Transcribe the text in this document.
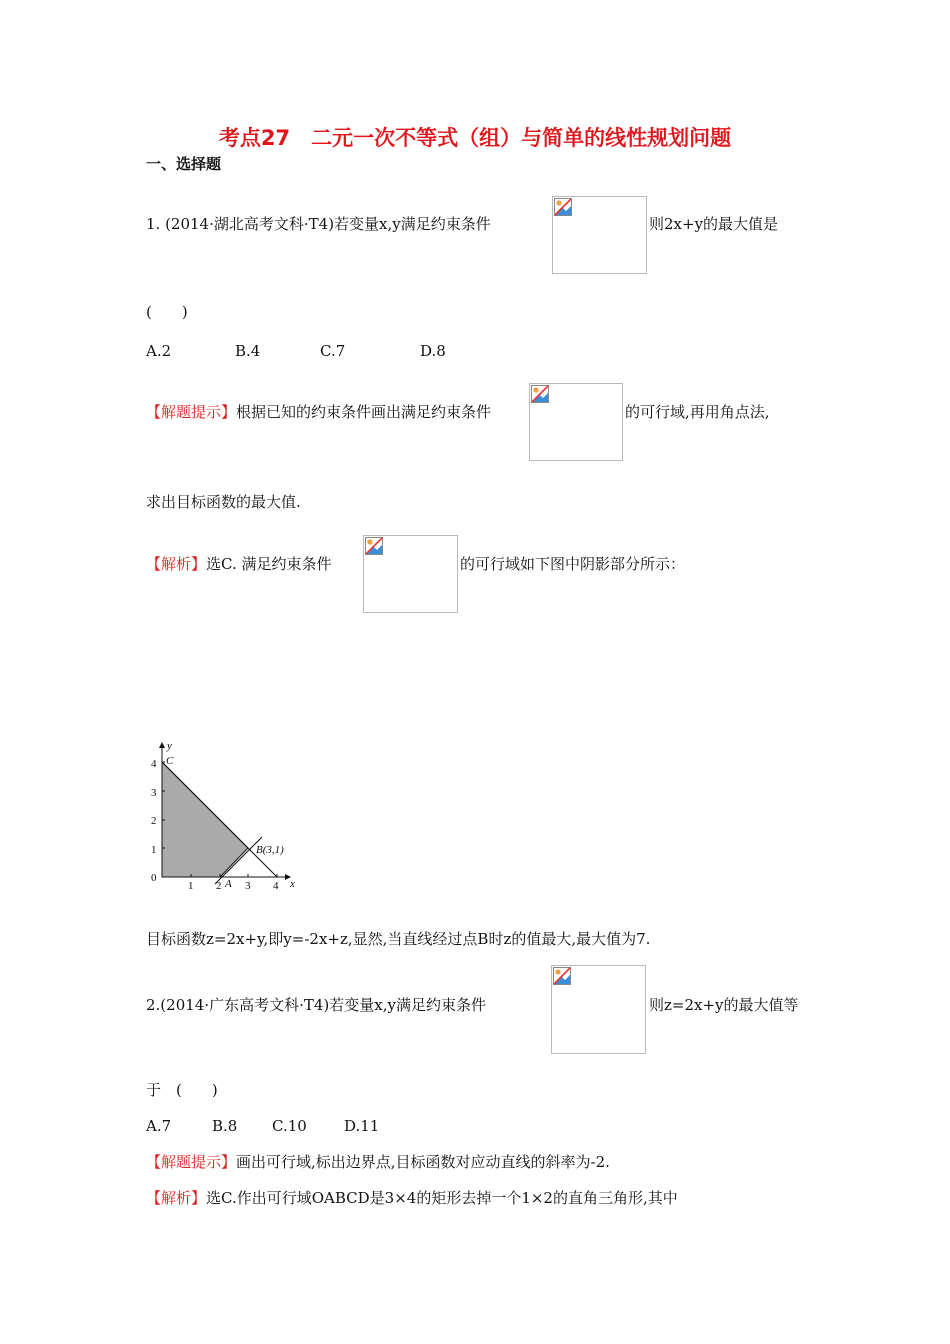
考点27　二元一次不等式（组）与简单的线性规划问题
一、选择题
1. (2014·湖北高考文科·T4)若变量x,y满足约束条件	则2x+y的最大值是
(　　)
A.2	B.4	C.7	D.8
【解题提示】根据已知的约束条件画出满足约束条件	的可行域,再用角点法,
求出目标函数的最大值.
【解析】选C. 满足约束条件	的可行域如下图中阴影部分所示：
y
x
4
3
2
1
0
1 2 3 4
C
A
B(3,1)
目标函数z=2x+y,即y=-2x+z,显然,当直线经过点B时z的值最大,最大值为7.
2.(2014·广东高考文科·T4)若变量x,y满足约束条件	则z=2x+y的最大值等
于　(　　)
A.7	B.8 C.10 D.11
【解题提示】画出可行域,标出边界点,目标函数对应动直线的斜率为-2.
【解析】选C.作出可行域OABCD是3×4的矩形去掉一个1×2的直角三角形,其中
